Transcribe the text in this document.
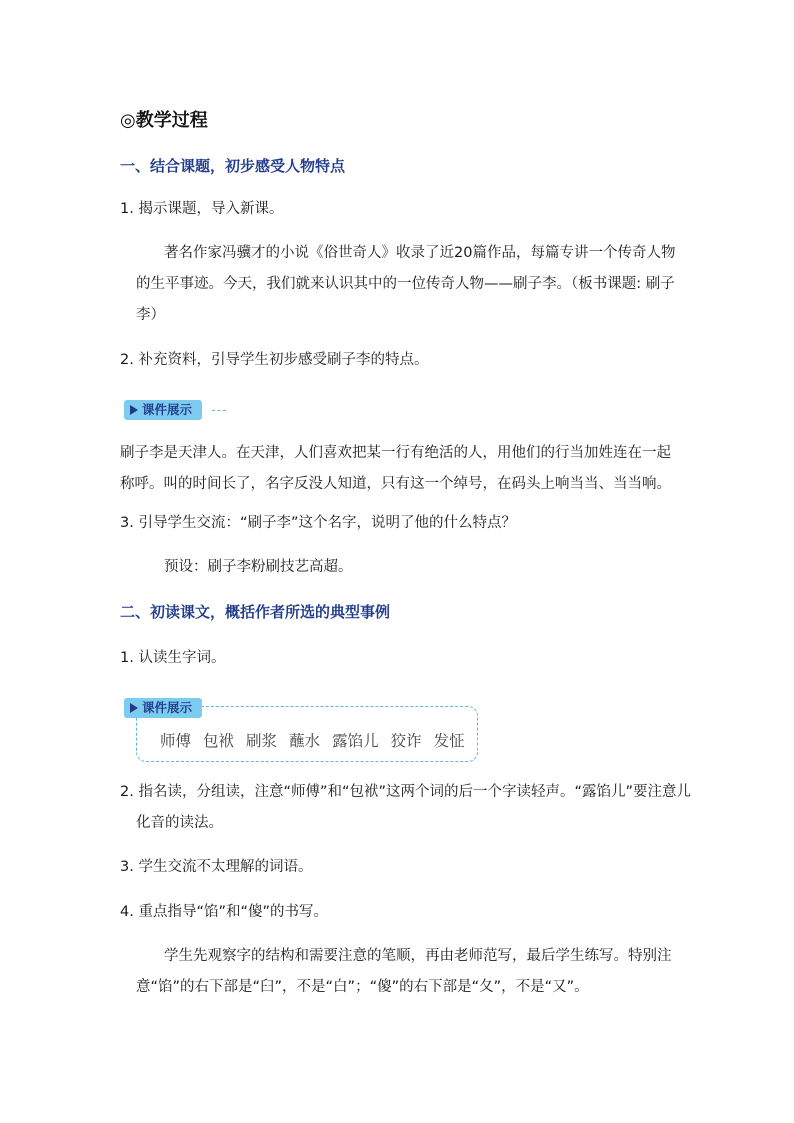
◎教学过程
一、结合课题，初步感受人物特点
1. 揭示课题，导入新课。
著名作家冯骥才的小说《俗世奇人》收录了近20篇作品，每篇专讲一个传奇人物的生平事迹。今天，我们就来认识其中的一位传奇人物——刷子李。（板书课题: 刷子李）
2. 补充资料，引导学生初步感受刷子李的特点。
课件展示
刷子李是天津人。在天津，人们喜欢把某一行有绝活的人，用他们的行当加姓连在一起称呼。叫的时间长了，名字反没人知道，只有这一个绰号，在码头上响当当、当当响。
3. 引导学生交流：“刷子李”这个名字，说明了他的什么特点？
预设：刷子李粉刷技艺高超。
二、初读课文，概括作者所选的典型事例
1. 认读生字词。
课件展示
师傅 包袱 刷浆 蘸水 露馅儿 狡诈 发怔
2. 指名读，分组读，注意“师傅”和“包袱”这两个词的后一个字读轻声。“露馅儿”要注意儿化音的读法。
3. 学生交流不太理解的词语。
4. 重点指导“馅”和“傻”的书写。
学生先观察字的结构和需要注意的笔顺，再由老师范写，最后学生练写。特别注意“馅”的右下部是“臼”，不是“白”；“傻”的右下部是“夂”，不是“又”。
